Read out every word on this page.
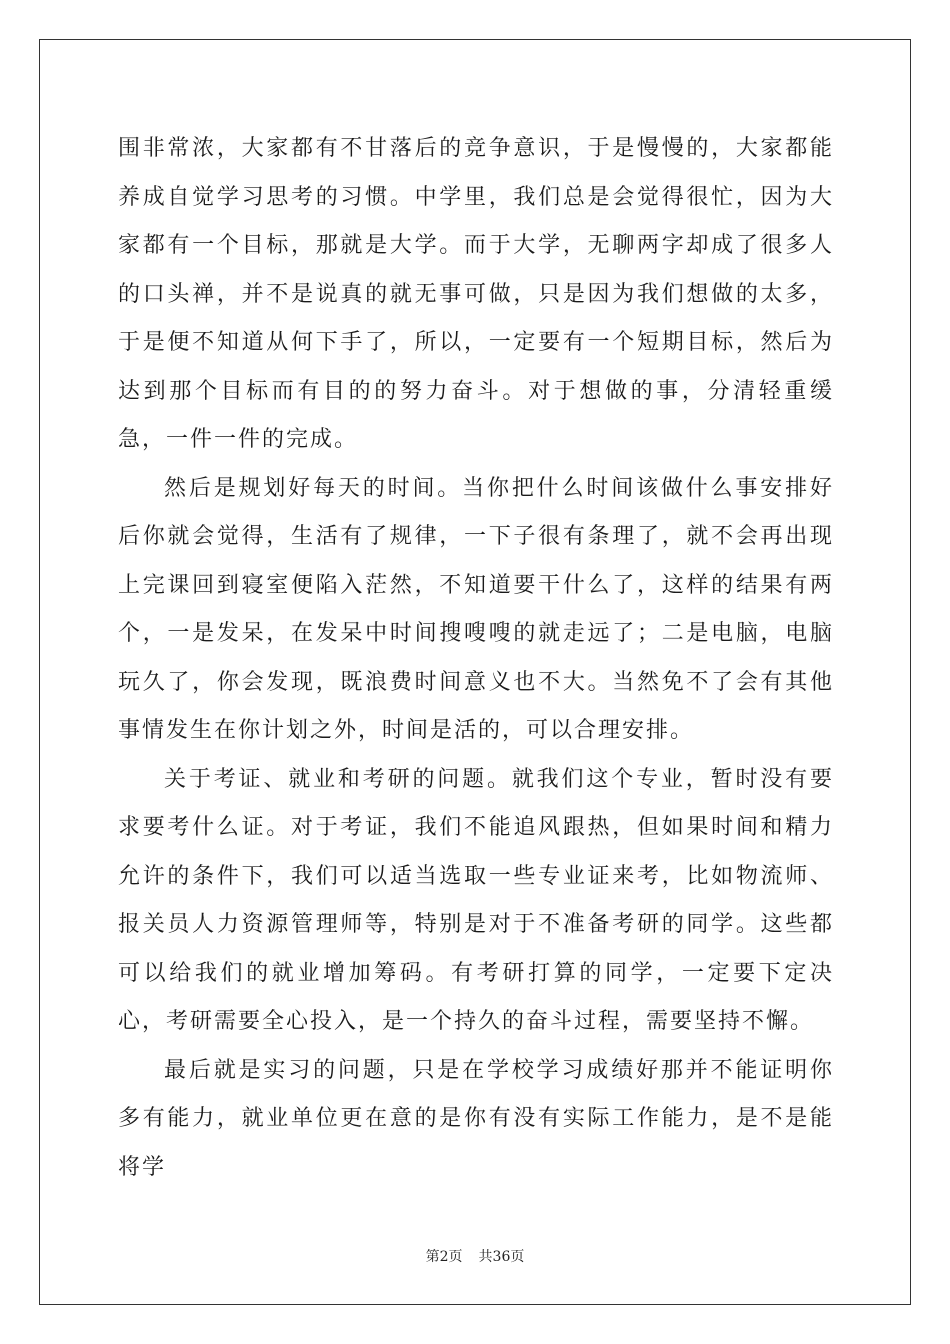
围非常浓，大家都有不甘落后的竞争意识，于是慢慢的，大家都能养成自觉学习思考的习惯。中学里，我们总是会觉得很忙，因为大家都有一个目标，那就是大学。而于大学，无聊两字却成了很多人的口头禅，并不是说真的就无事可做，只是因为我们想做的太多，于是便不知道从何下手了，所以，一定要有一个短期目标，然后为达到那个目标而有目的的努力奋斗。对于想做的事，分清轻重缓急，一件一件的完成。

然后是规划好每天的时间。当你把什么时间该做什么事安排好后你就会觉得，生活有了规律，一下子很有条理了，就不会再出现上完课回到寝室便陷入茫然，不知道要干什么了，这样的结果有两个，一是发呆，在发呆中时间搜嗖嗖的就走远了；二是电脑，电脑玩久了，你会发现，既浪费时间意义也不大。当然免不了会有其他事情发生在你计划之外，时间是活的，可以合理安排。

关于考证、就业和考研的问题。就我们这个专业，暂时没有要求要考什么证。对于考证，我们不能追风跟热，但如果时间和精力允许的条件下，我们可以适当选取一些专业证来考，比如物流师、报关员人力资源管理师等，特别是对于不准备考研的同学。这些都可以给我们的就业增加筹码。有考研打算的同学，一定要下定决心，考研需要全心投入，是一个持久的奋斗过程，需要坚持不懈。

最后就是实习的问题，只是在学校学习成绩好那并不能证明你多有能力，就业单位更在意的是你有没有实际工作能力，是不是能将学

第2页 共36页
